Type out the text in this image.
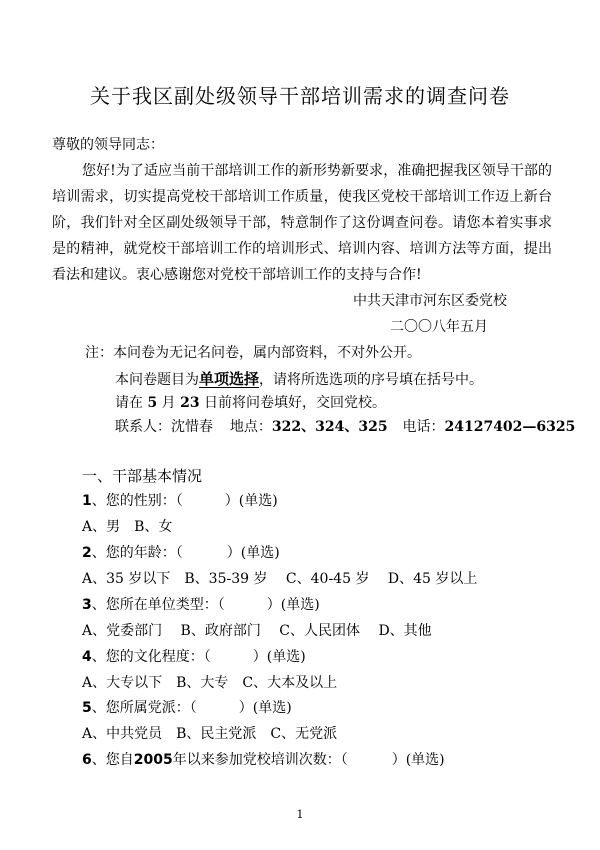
关于我区副处级领导干部培训需求的调查问卷
尊敬的领导同志：
您好!为了适应当前干部培训工作的新形势新要求，准确把握我区领导干部的
培训需求，切实提高党校干部培训工作质量，使我区党校干部培训工作迈上新台
阶，我们针对全区副处级领导干部，特意制作了这份调查问卷。请您本着实事求
是的精神，就党校干部培训工作的培训形式、培训内容、培训方法等方面，提出
看法和建议。衷心感谢您对党校干部培训工作的支持与合作!
中共天津市河东区委党校
二〇〇八年五月
注：本问卷为无记名问卷，属内部资料，不对外公开。
本问卷题目为单项选择，请将所选选项的序号填在括号中。
请在 5 月 23 日前将问卷填好，交回党校。
联系人：沈惜春 地点：322、324、325 电话：24127402—6325
一、干部基本情况
1、您的性别：（	）(单选)
A、男　B、女
2、您的年龄：（	）(单选)
A、35 岁以下　B、35-39 岁　 C、40-45 岁　 D、45 岁以上
3、您所在单位类型：（	）(单选)
A、党委部门　 B、政府部门　 C、人民团体　 D、其他
4、您的文化程度：（	）(单选)
A、大专以下　B、大专　C、大本及以上
5、您所属党派：（	）(单选)
A、中共党员　B、民主党派　C、无党派
6、您自2005年以来参加党校培训次数：（	）(单选)
1
